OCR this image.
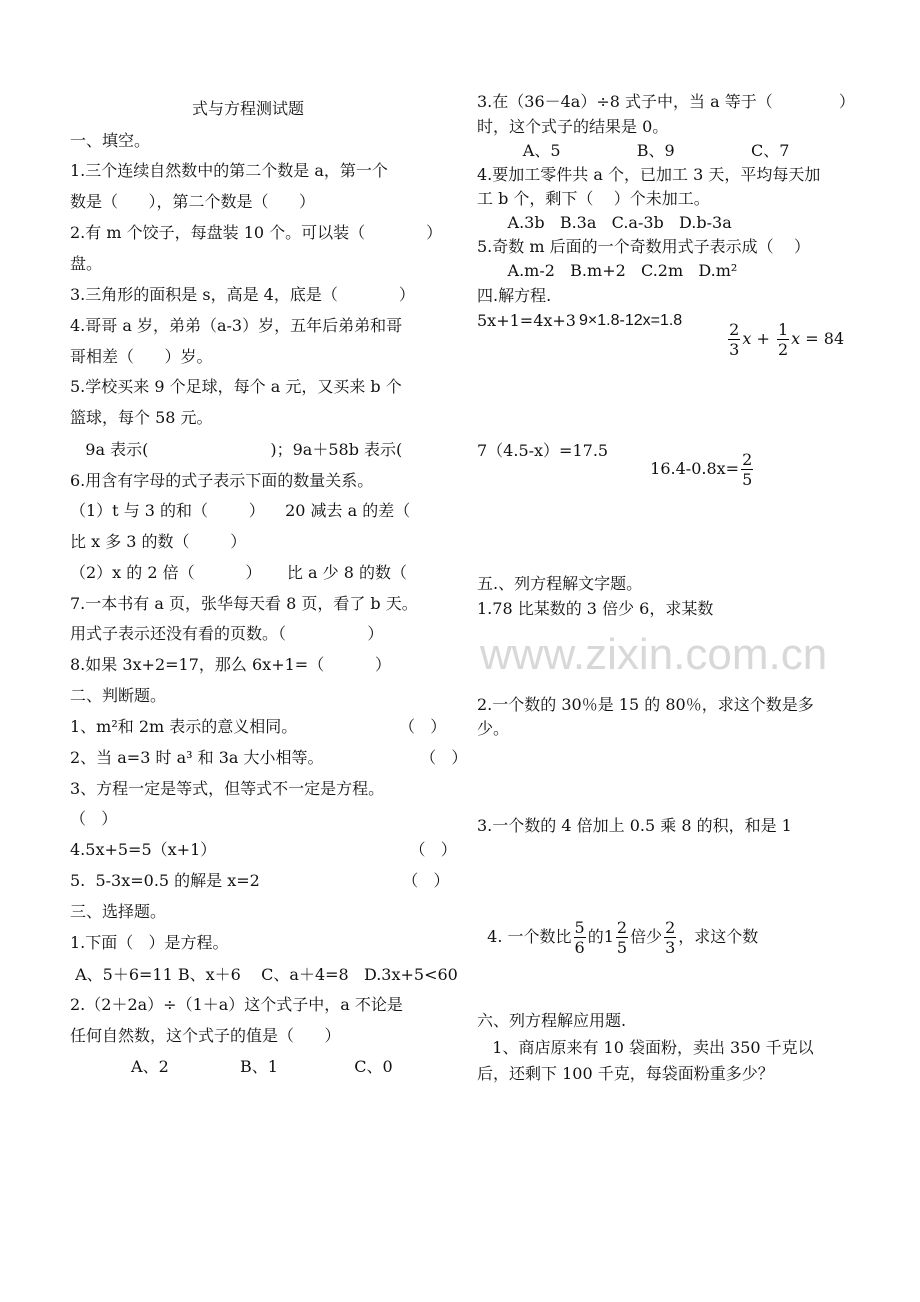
www.zixin.com.cn
式与方程测试题
一、填空。
1.三个连续自然数中的第二个数是 a，第一个
数是（      ），第二个数是（      ）
2.有 m 个饺子，每盘装 10 个。可以装（            ）
盘。
3.三角形的面积是 s，高是 4，底是（            ）
4.哥哥 a 岁，弟弟（a-3）岁，五年后弟弟和哥
哥相差（      ）岁。
5.学校买来 9 个足球，每个 a 元，又买来 b 个
篮球，每个 58 元。
9a 表示(                        )；9a＋58b 表示(
6.用含有字母的式子表示下面的数量关系。
（1）t 与 3 的和（        ）    20 减去 a 的差（
比 x 多 3 的数（        ）
（2）x 的 2 倍（          ）     比 a 少 8 的数（
7.一本书有 a 页，张华每天看 8 页，看了 b 天。
用式子表示还没有看的页数。（                ）
8.如果 3x+2=17，那么 6x+1=（          ）
二、判断题。
1、m²和 2m 表示的意义相同。                    （   ）
2、当 a=3 时 a³ 和 3a 大小相等。                   （   ）
3、方程一定是等式，但等式不一定是方程。
（   ）
4.5x+5=5（x+1）                                      （   ）
5.  5-3x=0.5 的解是 x=2                            （   ）
三、选择题。
1.下面（   ）是方程。
A、5＋6=11 B、x＋6    C、a＋4=8   D.3x+5<60
2.（2＋2a）÷（1＋a）这个式子中，a 不论是
任何自然数，这个式子的值是（      ）
A、2              B、1               C、0
3.在（36－4a）÷8 式子中，当 a 等于（             ）
时，这个式子的结果是 0。
A、5               B、9               C、7
4.要加工零件共 a 个，已加工 3 天，平均每天加
工 b 个，剩下（    ）个未加工。
A.3b   B.3a   C.a-3b   D.b-3a
5.奇数 m 后面的一个奇数用式子表示成（    ）
A.m-2   B.m+2   C.2m   D.m²
四.解方程.
5x+1=4x+3 9×1.8-12x=1.8
7（4.5-x）=17.5
五.、列方程解文字题。
1.78 比某数的 3 倍少 6，求某数
2.一个数的 30％是 15 的 80％，求这个数是多
少。
3.一个数的 4 倍加上 0.5 乘 8 的积，和是 1
六、列方程解应用题.
1、商店原来有 10 袋面粉，卖出 350 千克以
后，还剩下 100 千克，每袋面粉重多少？

$\frac{2}{3}$ $x + \frac{1}{2}$ x = 84

$16.4-0.8x= \frac{2}{5}$

4. 一个数比 $\frac{5}{6}$ 的$1 \frac{2}{5}$ 倍少 $\frac{2}{3}$ ，求这个数
